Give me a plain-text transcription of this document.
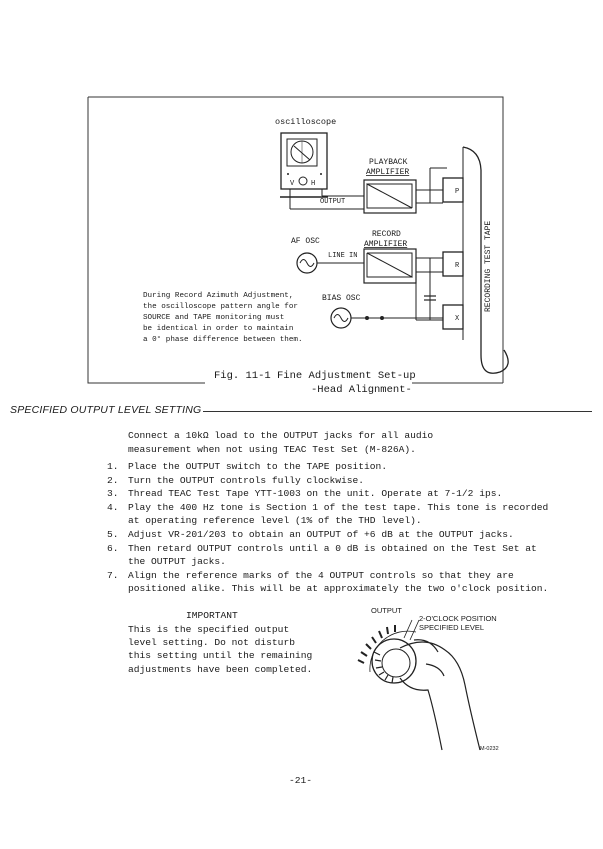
oscilloscope
V H
PLAYBACK
AMPLIFIER
OUTPUT
P
AF OSC
LINE IN
RECORD
AMPLIFIER
R
BIAS OSC
X
RECORDING TEST TAPE
During Record Azimuth Adjustment,
the oscilloscope pattern angle for
SOURCE and TAPE monitoring must
be identical in order to maintain
a 0° phase difference between them.
Fig. 11-1 Fine Adjustment Set-up
-Head Alignment-
SPECIFIED OUTPUT LEVEL SETTING
Connect a 10kΩ load to the OUTPUT jacks for all audio
measurement when not using TEAC Test Set (M-826A).
1. Place the OUTPUT switch to the TAPE position.
2. Turn the OUTPUT controls fully clockwise.
3. Thread TEAC Test Tape YTT-1003 on the unit. Operate at 7-1/2 ips.
4. Play the 400 Hz tone is Section 1 of the test tape. This tone is recorded at operating reference level (1% of the THD level).
5. Adjust VR-201/203 to obtain an OUTPUT of +6 dB at the OUTPUT jacks.
6. Then retard OUTPUT controls until a 0 dB is obtained on the Test Set at the OUTPUT jacks.
7. Align the reference marks of the 4 OUTPUT controls so that they are positioned alike. This will be at approximately the two o'clock position.
IMPORTANT
This is the specified output level setting. Do not disturb this setting until the remaining adjustments have been completed.
OUTPUT
2-O'CLOCK POSITION
SPECIFIED LEVEL
M-0232
-21-
